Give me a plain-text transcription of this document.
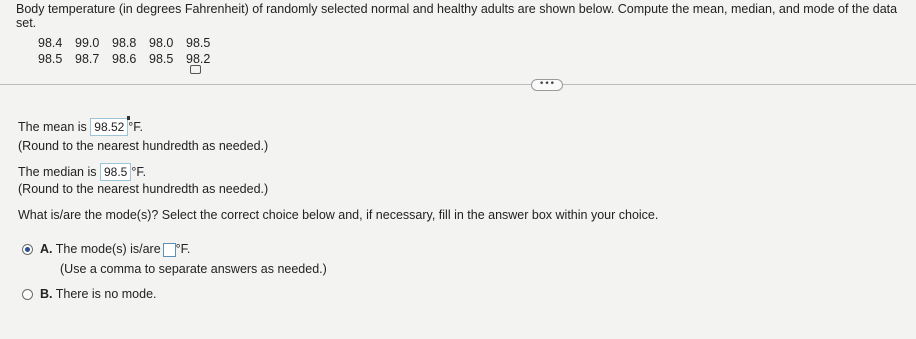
Body temperature (in degrees Fahrenheit) of randomly selected normal and healthy adults are shown below. Compute the mean, median, and mode of the data set.
98.4	99.0	98.8	98.0	98.5
98.5	98.7	98.6	98.5	98.2
•••
The mean is 98.52 °F.
(Round to the nearest hundredth as needed.)
The median is 98.5 °F.
(Round to the nearest hundredth as needed.)
What is/are the mode(s)? Select the correct choice below and, if necessary, fill in the answer box within your choice.
A. The mode(s) is/are °F.
(Use a comma to separate answers as needed.)
B. There is no mode.
